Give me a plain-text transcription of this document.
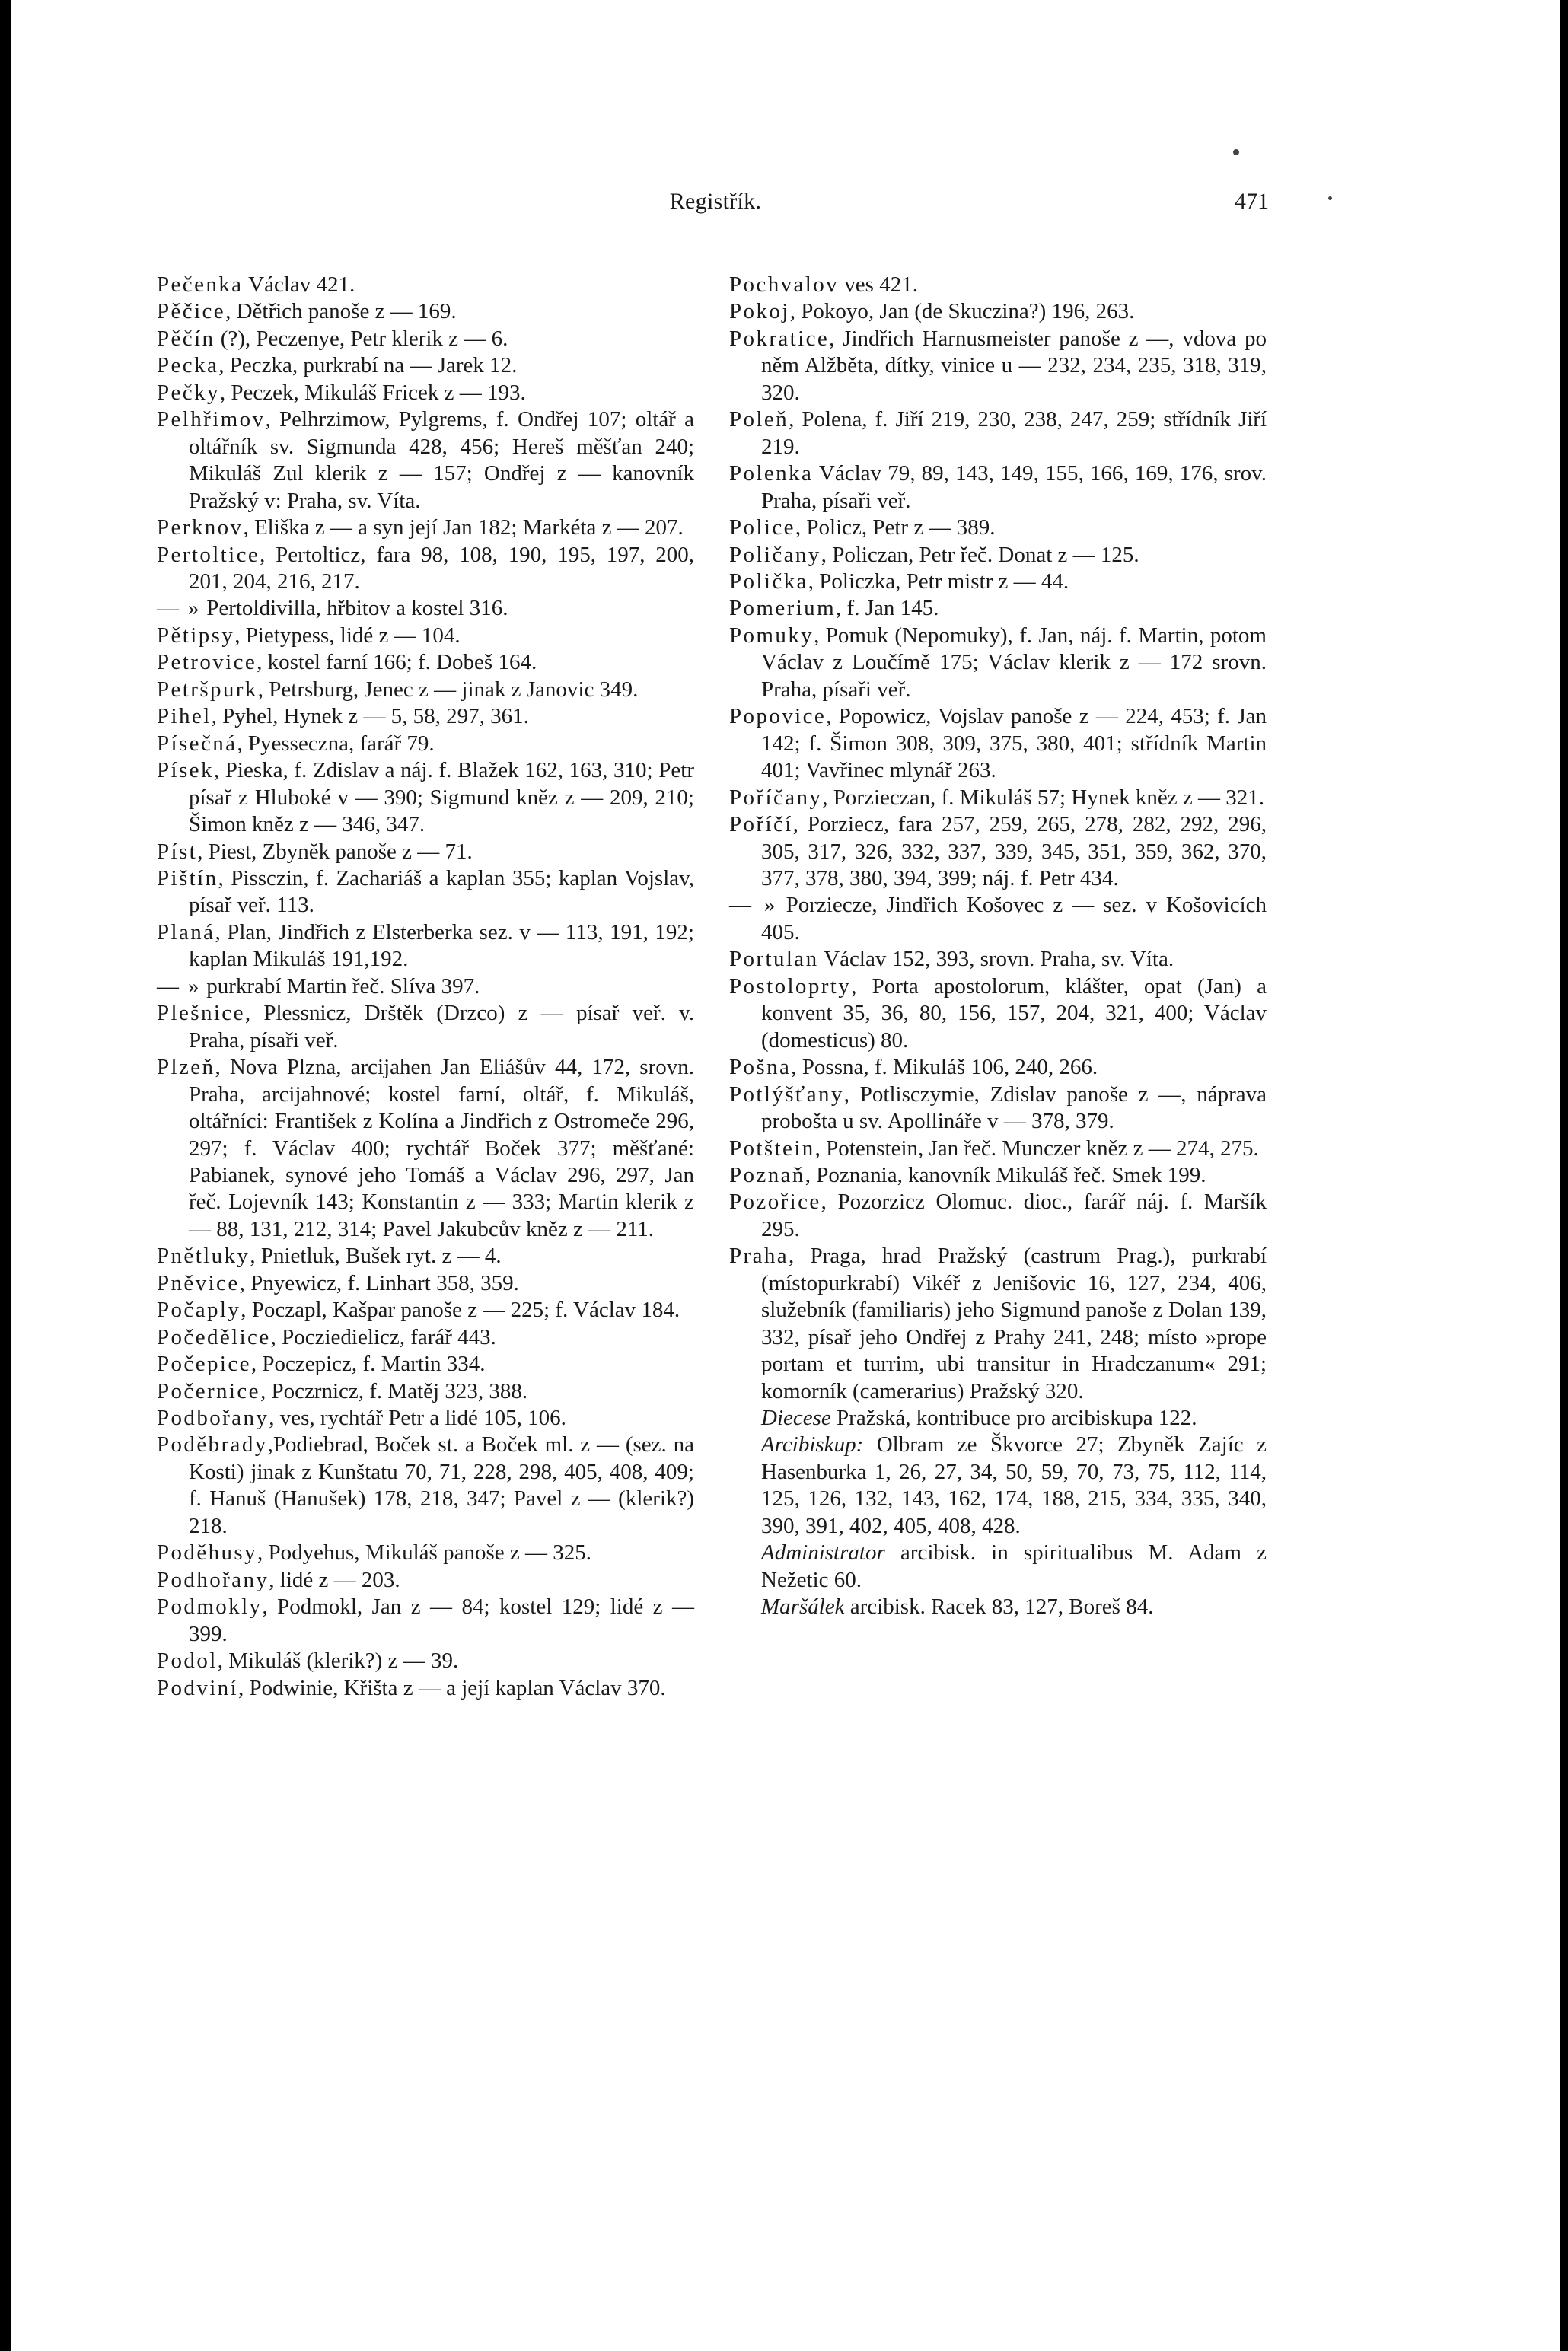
Registřík.	471

Pečenka Václav 421.

Pěčice, Dětřich panoše z — 169.

Pěčín (?), Peczenye, Petr klerik z — 6.

Pecka, Peczka, purkrabí na — Jarek 12.

Pečky, Peczek, Mikuláš Fricek z — 193.

Pelhřimov, Pelhrzimow, Pylgrems, f. Ondřej 107; oltář a oltářník sv. Sigmunda 428, 456; Hereš měšťan 240; Mikuláš Zul klerik z — 157; Ondřej z — kanovník Pražský v: Praha, sv. Víta.

Perknov, Eliška z — a syn její Jan 182; Markéta z — 207.

Pertoltice, Pertolticz, fara 98, 108, 190, 195, 197, 200, 201, 204, 216, 217.

— » Pertoldivilla, hřbitov a kostel 316.

Pětipsy, Pietypess, lidé z — 104.

Petrovice, kostel farní 166; f. Dobeš 164.

Petršpurk, Petrsburg, Jenec z — jinak z Janovic 349.

Pihel, Pyhel, Hynek z — 5, 58, 297, 361.

Písečná, Pyesseczna, farář 79.

Písek, Pieska, f. Zdislav a náj. f. Blažek 162, 163, 310; Petr písař z Hluboké v — 390; Sigmund kněz z — 209, 210; Šimon kněz z — 346, 347.

Píst, Piest, Zbyněk panoše z — 71.

Pištín, Pissczin, f. Zachariáš a kaplan 355; kaplan Vojslav, písař veř. 113.

Planá, Plan, Jindřich z Elsterberka sez. v — 113, 191, 192; kaplan Mikuláš 191,192.

— » purkrabí Martin řeč. Slíva 397.

Plešnice, Plessnicz, Drštěk (Drzco) z — písař veř. v. Praha, písaři veř.

Plzeň, Nova Plzna, arcijahen Jan Eliášův 44, 172, srovn. Praha, arcijahnové; kostel farní, oltář, f. Mikuláš, oltářníci: František z Kolína a Jindřich z Ostromeče 296, 297; f. Václav 400; rychtář Boček 377; měšťané: Pabianek, synové jeho Tomáš a Václav 296, 297, Jan řeč. Lojevník 143; Konstantin z — 333; Martin klerik z — 88, 131, 212, 314; Pavel Jakubcův kněz z — 211.

Pnětluky, Pnietluk, Bušek ryt. z — 4.

Pněvice, Pnyewicz, f. Linhart 358, 359.

Počaply, Poczapl, Kašpar panoše z — 225; f. Václav 184.

Počedělice, Pocziedielicz, farář 443.

Počepice, Poczepicz, f. Martin 334.

Počernice, Poczrnicz, f. Matěj 323, 388.

Podbořany, ves, rychtář Petr a lidé 105, 106.

Poděbrady,Podiebrad, Boček st. a Boček ml. z — (sez. na Kosti) jinak z Kunštatu 70, 71, 228, 298, 405, 408, 409; f. Hanuš (Hanušek) 178, 218, 347; Pavel z — (klerik?) 218.

Poděhusy, Podyehus, Mikuláš panoše z — 325.

Podhořany, lidé z — 203.

Podmokly, Podmokl, Jan z — 84; kostel 129; lidé z — 399.

Podol, Mikuláš (klerik?) z — 39.

Podviní, Podwinie, Křišta z — a její kaplan Václav 370.

Pochvalov ves 421.

Pokoj, Pokoyo, Jan (de Skuczina?) 196, 263.

Pokratice, Jindřich Harnusmeister panoše z —, vdova po něm Alžběta, dítky, vinice u — 232, 234, 235, 318, 319, 320.

Poleň, Polena, f. Jiří 219, 230, 238, 247, 259; střídník Jiří 219.

Polenka Václav 79, 89, 143, 149, 155, 166, 169, 176, srov. Praha, písaři veř.

Police, Policz, Petr z — 389.

Poličany, Policzan, Petr řeč. Donat z — 125.

Polička, Policzka, Petr mistr z — 44.

Pomerium, f. Jan 145.

Pomuky, Pomuk (Nepomuky), f. Jan, náj. f. Martin, potom Václav z Loučímě 175; Václav klerik z — 172 srovn. Praha, písaři veř.

Popovice, Popowicz, Vojslav panoše z — 224, 453; f. Jan 142; f. Šimon 308, 309, 375, 380, 401; střídník Martin 401; Vavřinec mlynář 263.

Poříčany, Porzieczan, f. Mikuláš 57; Hynek kněz z — 321.

Poříčí, Porziecz, fara 257, 259, 265, 278, 282, 292, 296, 305, 317, 326, 332, 337, 339, 345, 351, 359, 362, 370, 377, 378, 380, 394, 399; náj. f. Petr 434.

— » Porziecze, Jindřich Košovec z — sez. v Košovicích 405.

Portulan Václav 152, 393, srovn. Praha, sv. Víta.

Postoloprty, Porta apostolorum, klášter, opat (Jan) a konvent 35, 36, 80, 156, 157, 204, 321, 400; Václav (domesticus) 80.

Pošna, Possna, f. Mikuláš 106, 240, 266.

Potlýšťany, Potlisczymie, Zdislav panoše z —, náprava probošta u sv. Apollináře v — 378, 379.

Potštein, Potenstein, Jan řeč. Munczer kněz z — 274, 275.

Poznaň, Poznania, kanovník Mikuláš řeč. Smek 199.

Pozořice, Pozorzicz Olomuc. dioc., farář náj. f. Maršík 295.

Praha, Praga, hrad Pražský (castrum Prag.), purkrabí (místopurkrabí) Vikéř z Jenišovic 16, 127, 234, 406, služebník (familiaris) jeho Sigmund panoše z Dolan 139, 332, písař jeho Ondřej z Prahy 241, 248; místo »prope portam et turrim, ubi transitur in Hradczanum« 291; komorník (camerarius) Pražský 320.

Diecese Pražská, kontribuce pro arcibiskupa 122.

Arcibiskup: Olbram ze Škvorce 27; Zbyněk Zajíc z Hasenburka 1, 26, 27, 34, 50, 59, 70, 73, 75, 112, 114, 125, 126, 132, 143, 162, 174, 188, 215, 334, 335, 340, 390, 391, 402, 405, 408, 428.

Administrator arcibisk. in spiritualibus M. Adam z Nežetic 60.

Maršálek arcibisk. Racek 83, 127, Boreš 84.
